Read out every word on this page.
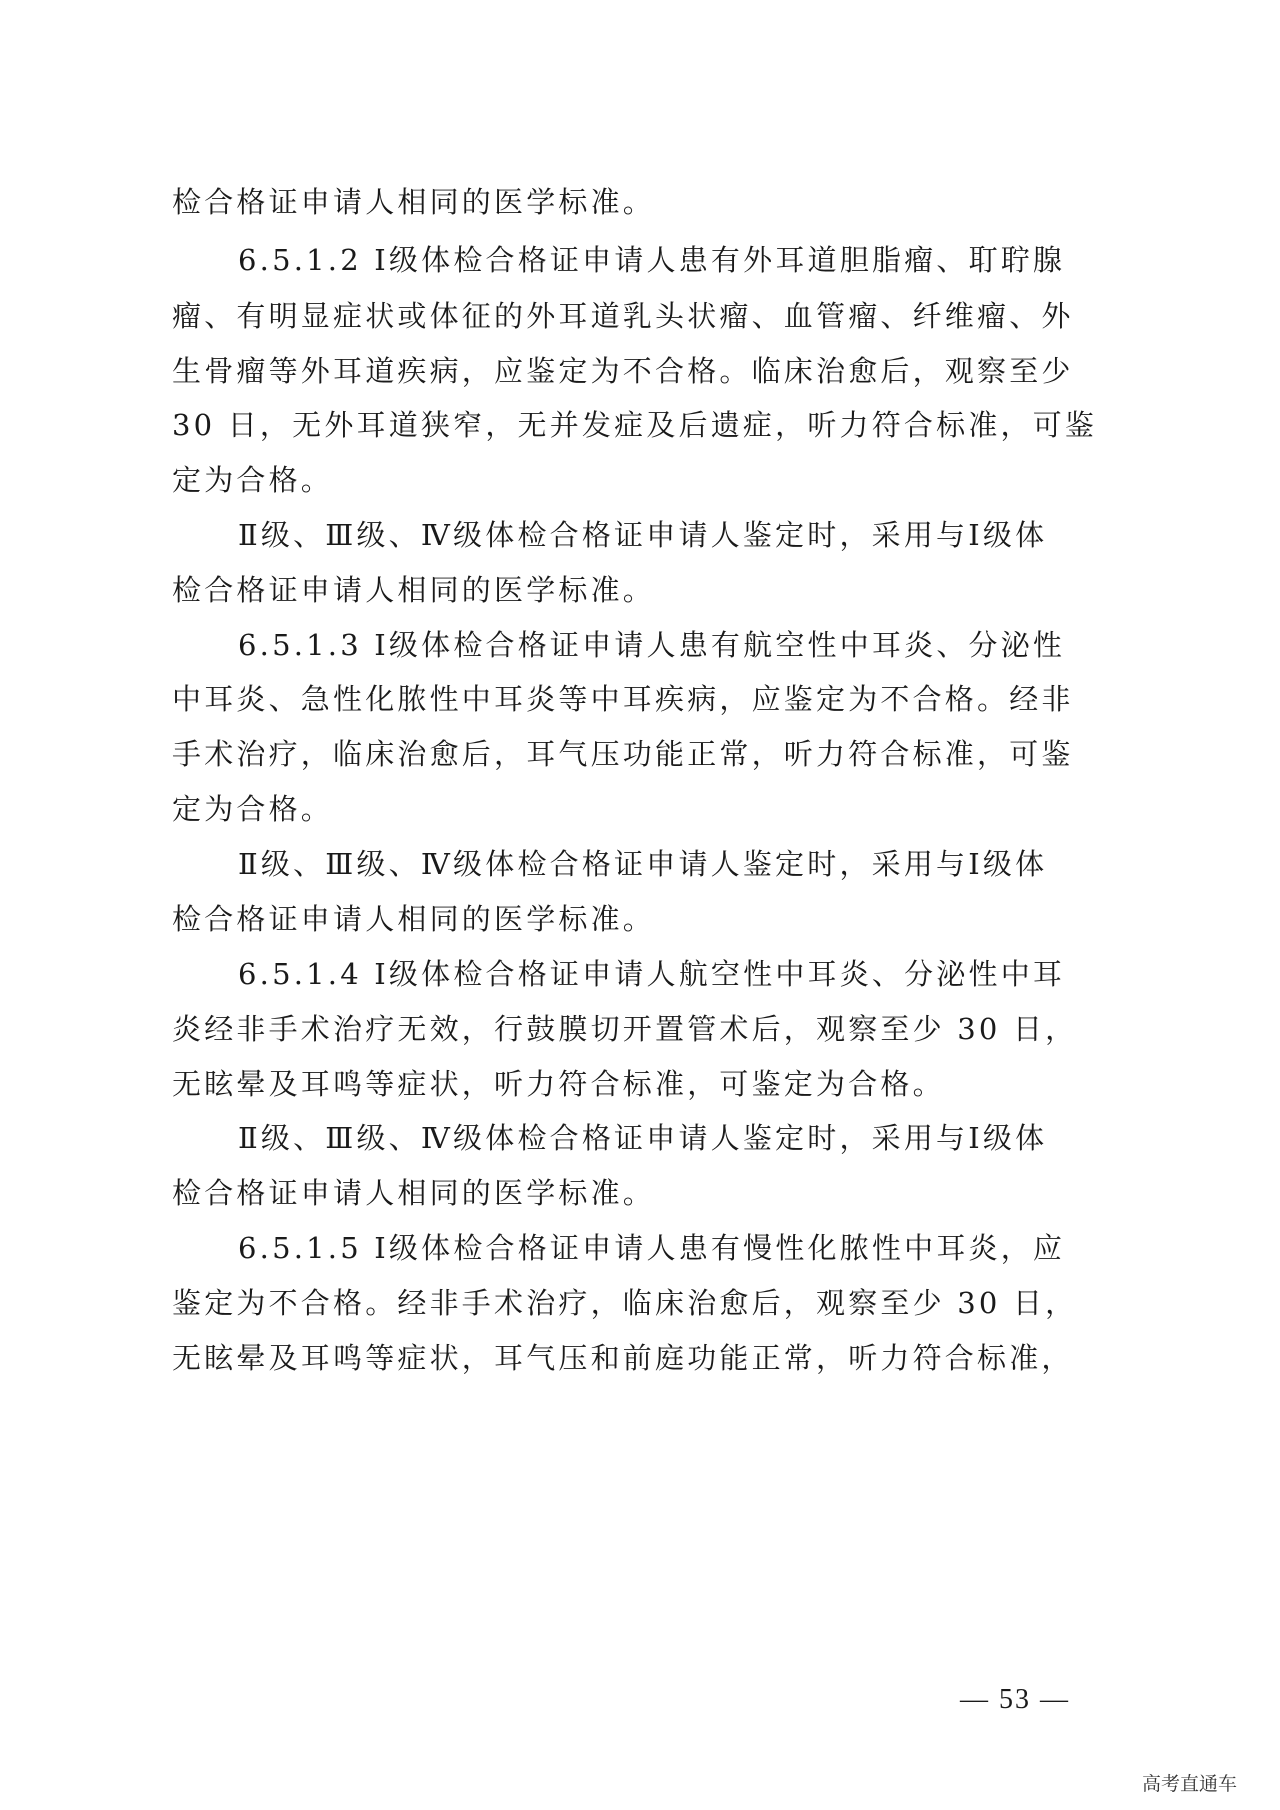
检合格证申请人相同的医学标准。
6.5.1.2 Ⅰ级体检合格证申请人患有外耳道胆脂瘤、耵聍腺
瘤、有明显症状或体征的外耳道乳头状瘤、血管瘤、纤维瘤、外
生骨瘤等外耳道疾病，应鉴定为不合格。临床治愈后，观察至少
30 日，无外耳道狭窄，无并发症及后遗症，听力符合标准，可鉴
定为合格。
Ⅱ级、Ⅲ级、Ⅳ级体检合格证申请人鉴定时，采用与Ⅰ级体
检合格证申请人相同的医学标准。
6.5.1.3 Ⅰ级体检合格证申请人患有航空性中耳炎、分泌性
中耳炎、急性化脓性中耳炎等中耳疾病，应鉴定为不合格。经非
手术治疗，临床治愈后，耳气压功能正常，听力符合标准，可鉴
定为合格。
Ⅱ级、Ⅲ级、Ⅳ级体检合格证申请人鉴定时，采用与Ⅰ级体
检合格证申请人相同的医学标准。
6.5.1.4 Ⅰ级体检合格证申请人航空性中耳炎、分泌性中耳
炎经非手术治疗无效，行鼓膜切开置管术后，观察至少 30 日，
无眩晕及耳鸣等症状，听力符合标准，可鉴定为合格。
Ⅱ级、Ⅲ级、Ⅳ级体检合格证申请人鉴定时，采用与Ⅰ级体
检合格证申请人相同的医学标准。
6.5.1.5 Ⅰ级体检合格证申请人患有慢性化脓性中耳炎，应
鉴定为不合格。经非手术治疗，临床治愈后，观察至少 30 日，
无眩晕及耳鸣等症状，耳气压和前庭功能正常，听力符合标准，
— 53 —
高考直通车
